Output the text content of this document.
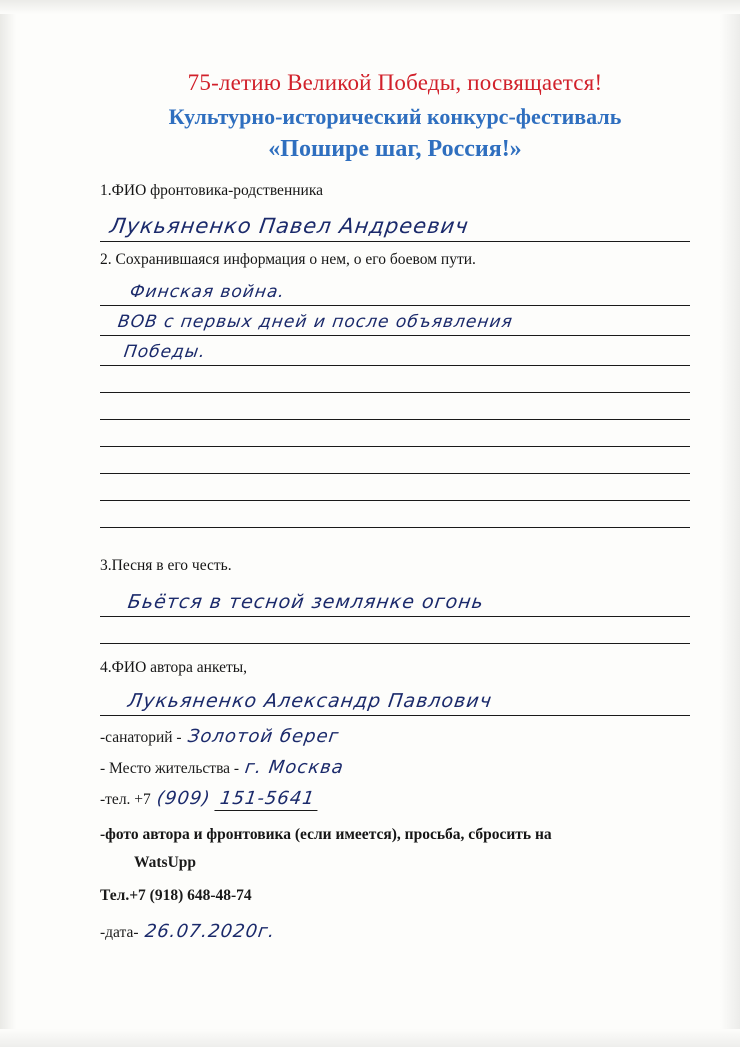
75-летию Великой Победы, посвящается!
Культурно-исторический конкурс-фестиваль
«Пошире шаг, Россия!»

1.ФИО фронтовика-родственника

Лукьяненко Павел Андреевич

2. Сохранившаяся информация о нем, о его боевом пути.

Финская война.
ВОВ с первых дней и после объявления
Победы.

3.Песня в его честь.

Бьётся в тесной землянке огонь

4.ФИО автора анкеты,

Лукьяненко Александр Павлович
-санаторий - Золотой берег
- Место жительства - г. Москва
-тел. +7 (909) 151-5641

-фото автора и фронтовика (если имеется), просьба, сбросить на

WatsUpp

Тел.+7 (918) 648-48-74

-дата- 26.07.2020г.
